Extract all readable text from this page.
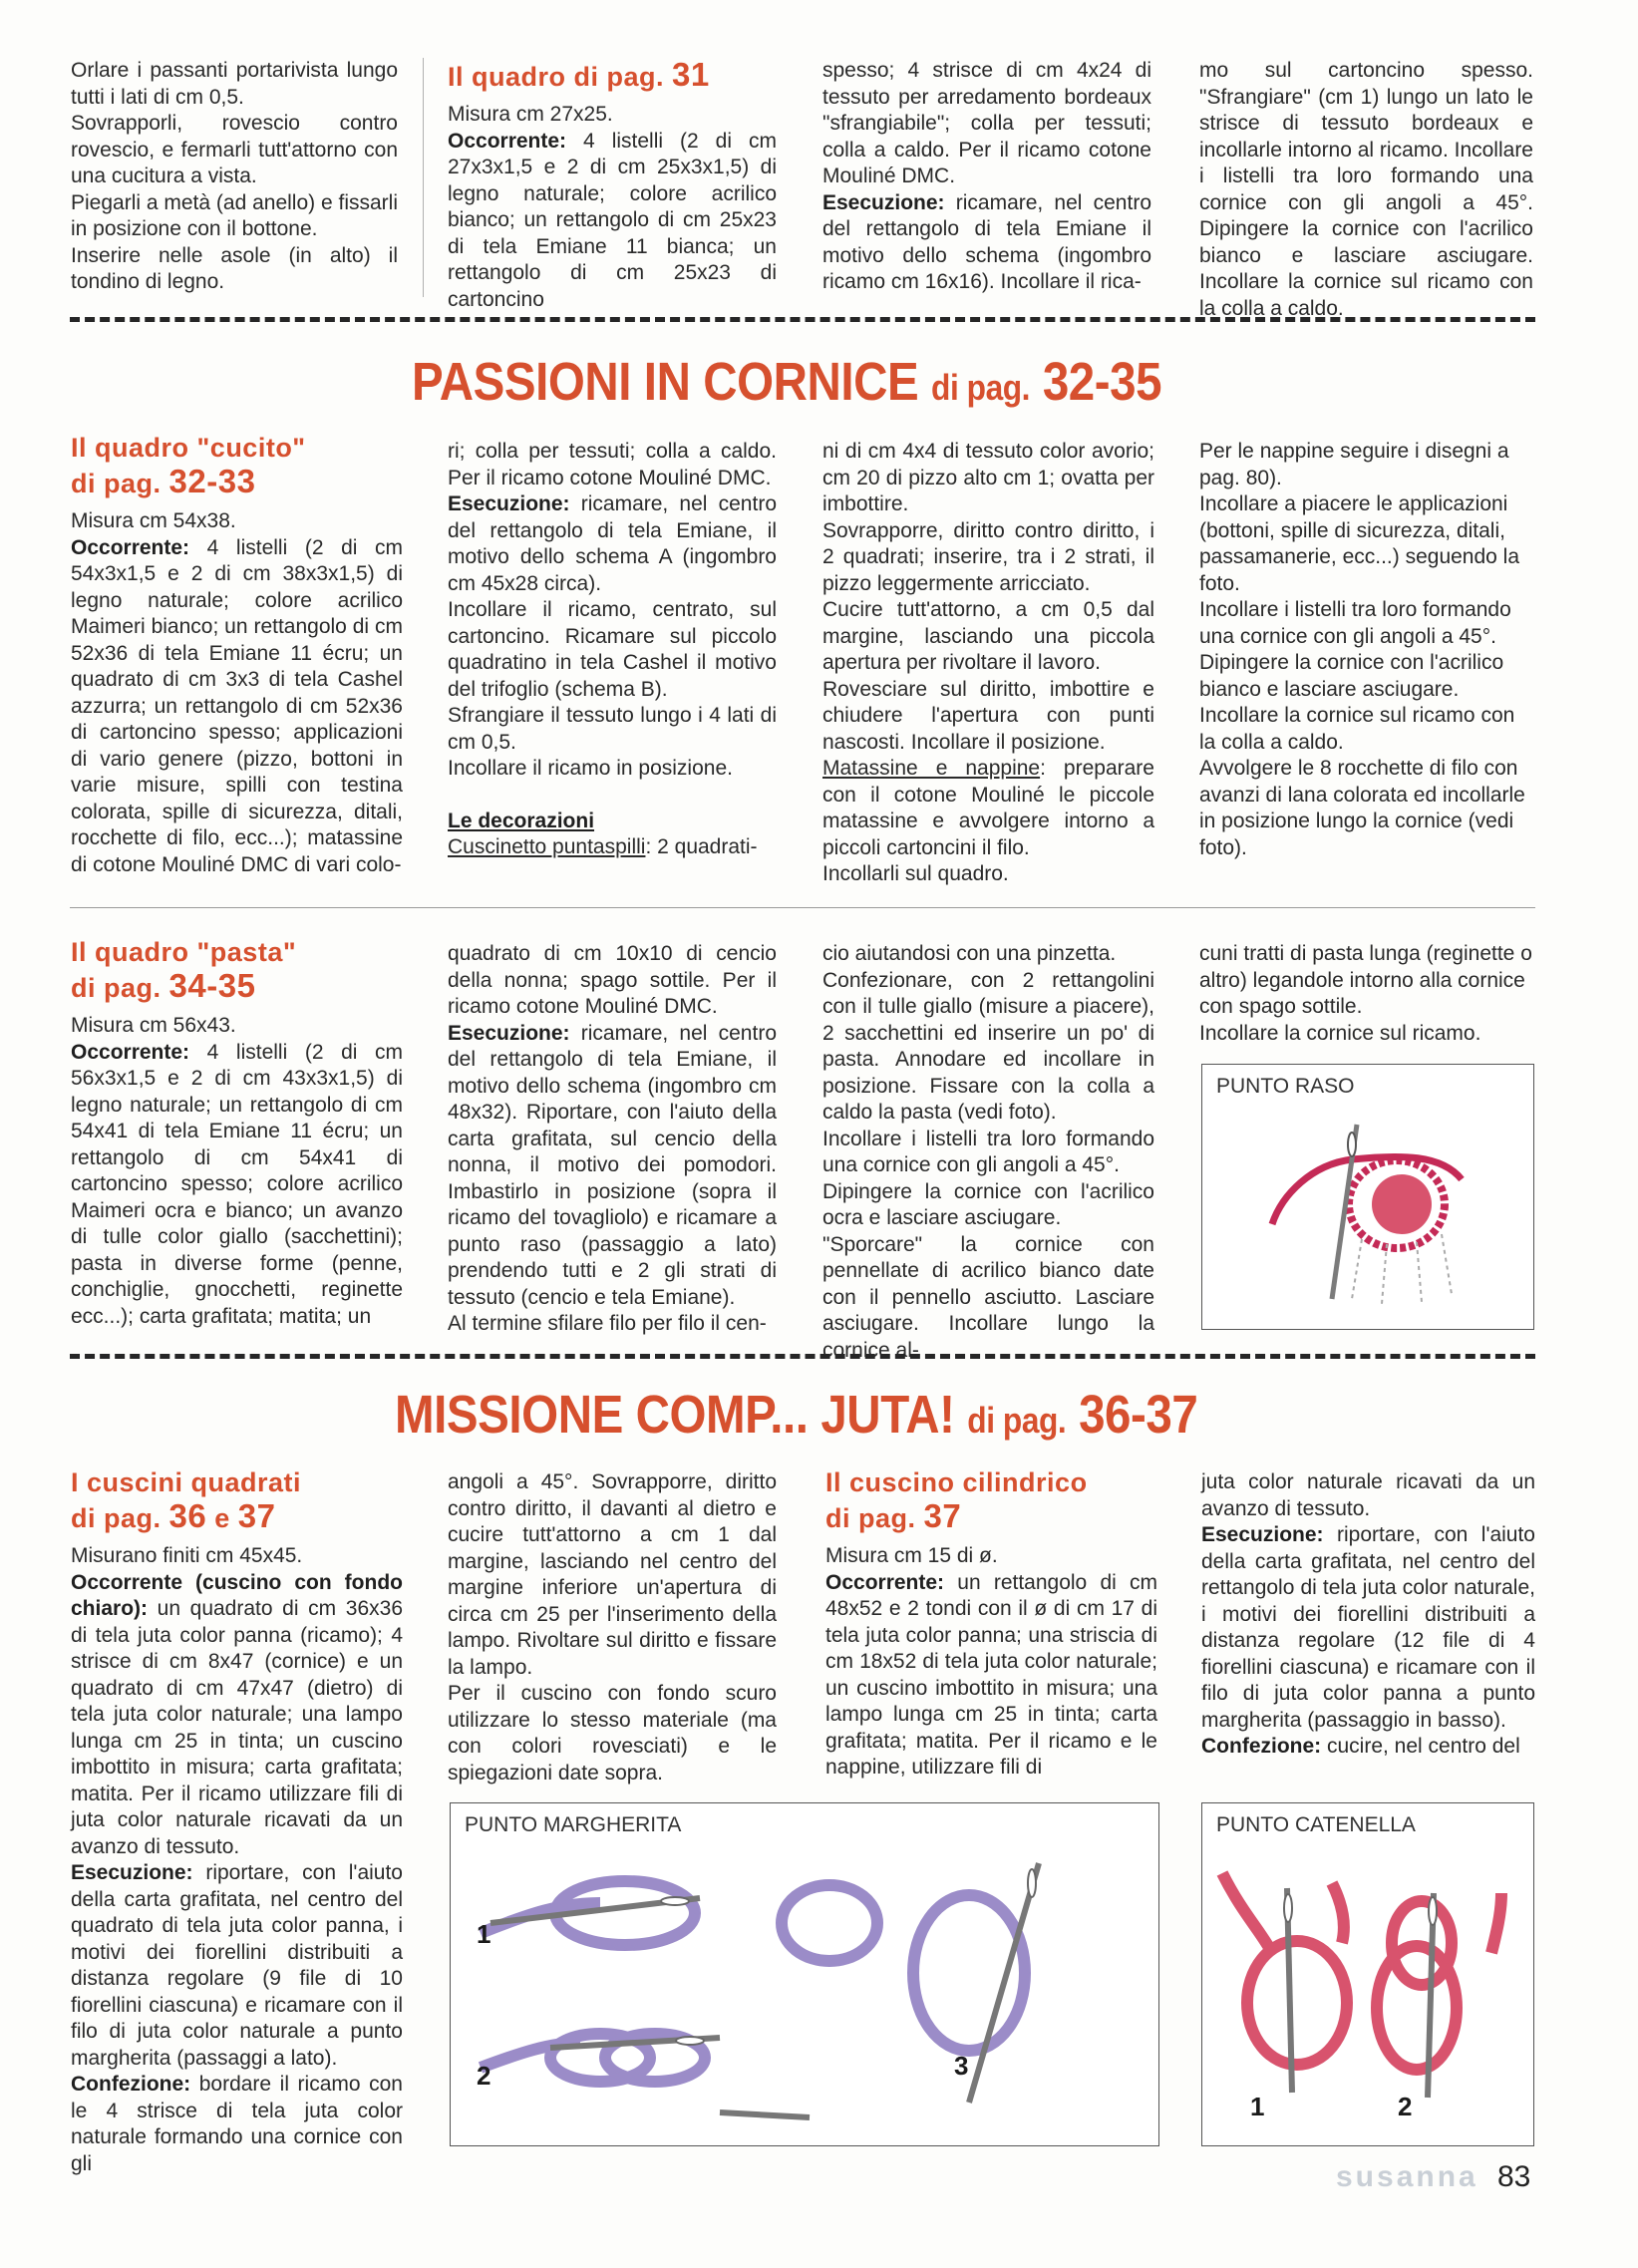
Orlare i passanti portarivista lungo tutti i lati di cm 0,5.

Sovrapporli, rovescio contro rovescio, e fermarli tutt'attorno con una cucitura a vista.

Piegarli a metà (ad anello) e fissarli in posizione con il bottone.

Inserire nelle asole (in alto) il tondino di legno.

Il quadro di pag. 31

Misura cm 27x25.

Occorrente: 4 listelli (2 di cm 27x3x1,5 e 2 di cm 25x3x1,5) di legno naturale; colore acrilico bianco; un rettangolo di cm 25x23 di tela Emiane 11 bianca; un rettangolo di cm 25x23 di cartoncino

spesso; 4 strisce di cm 4x24 di tessuto per arredamento bordeaux "sfrangiabile"; colla per tessuti; colla a caldo. Per il ricamo cotone Mouliné DMC.

Esecuzione: ricamare, nel centro del rettangolo di tela Emiane il motivo dello schema (ingombro ricamo cm 16x16). Incollare il rica-

mo sul cartoncino spesso. "Sfrangiare" (cm 1) lungo un lato le strisce di tessuto bordeaux e incollarle intorno al ricamo. Incollare i listelli tra loro formando una cornice con gli angoli a 45°. Dipingere la cornice con l'acrilico bianco e lasciare asciugare. Incollare la cornice sul ricamo con la colla a caldo.

PASSIONI IN CORNICE di pag. 32-35

Il quadro "cucito"
di pag. 32-33

Misura cm 54x38.

Occorrente: 4 listelli (2 di cm 54x3x1,5 e 2 di cm 38x3x1,5) di legno naturale; colore acrilico Maimeri bianco; un rettangolo di cm 52x36 di tela Emiane 11 écru; un quadrato di cm 3x3 di tela Cashel azzurra; un rettangolo di cm 52x36 di cartoncino spesso; applicazioni di vario genere (pizzo, bottoni in varie misure, spilli con testina colorata, spille di sicurezza, ditali, rocchette di filo, ecc...); matassine di cotone Mouliné DMC di vari colo-

ri; colla per tessuti; colla a caldo. Per il ricamo cotone Mouliné DMC.

Esecuzione: ricamare, nel centro del rettangolo di tela Emiane, il motivo dello schema A (ingombro cm 45x28 circa).

Incollare il ricamo, centrato, sul cartoncino. Ricamare sul piccolo quadratino in tela Cashel il motivo del trifoglio (schema B).

Sfrangiare il tessuto lungo i 4 lati di cm 0,5.

Incollare il ricamo in posizione.

Le decorazioni

Cuscinetto puntaspilli: 2 quadrati-

ni di cm 4x4 di tessuto color avorio; cm 20 di pizzo alto cm 1; ovatta per imbottire.

Sovrapporre, diritto contro diritto, i 2 quadrati; inserire, tra i 2 strati, il pizzo leggermente arricciato.

Cucire tutt'attorno, a cm 0,5 dal margine, lasciando una piccola apertura per rivoltare il lavoro.

Rovesciare sul diritto, imbottire e chiudere l'apertura con punti nascosti. Incollare il posizione.

Matassine e nappine: preparare con il cotone Mouliné le piccole matassine e avvolgere intorno a piccoli cartoncini il filo.

Incollarli sul quadro.

Per le nappine seguire i disegni a pag. 80).

Incollare a piacere le applicazioni (bottoni, spille di sicurezza, ditali, passamanerie, ecc...) seguendo la foto.

Incollare i listelli tra loro formando una cornice con gli angoli a 45°.

Dipingere la cornice con l'acrilico bianco e lasciare asciugare.

Incollare la cornice sul ricamo con la colla a caldo.

Avvolgere le 8 rocchette di filo con avanzi di lana colorata ed incollarle in posizione lungo la cornice (vedi foto).

Il quadro "pasta"
di pag. 34-35

Misura cm 56x43.

Occorrente: 4 listelli (2 di cm 56x3x1,5 e 2 di cm 43x3x1,5) di legno naturale; un rettangolo di cm 54x41 di tela Emiane 11 écru; un rettangolo di cm 54x41 di cartoncino spesso; colore acrilico Maimeri ocra e bianco; un avanzo di tulle color giallo (sacchettini); pasta in diverse forme (penne, conchiglie, gnocchetti, reginette ecc...); carta grafitata; matita; un

quadrato di cm 10x10 di cencio della nonna; spago sottile. Per il ricamo cotone Mouliné DMC.

Esecuzione: ricamare, nel centro del rettangolo di tela Emiane, il motivo dello schema (ingombro cm 48x32). Riportare, con l'aiuto della carta grafitata, sul cencio della nonna, il motivo dei pomodori. Imbastirlo in posizione (sopra il ricamo del tovagliolo) e ricamare a punto raso (passaggio a lato) prendendo tutti e 2 gli strati di tessuto (cencio e tela Emiane).

Al termine sfilare filo per filo il cen-

cio aiutandosi con una pinzetta.

Confezionare, con 2 rettangolini con il tulle giallo (misure a piacere), 2 sacchettini ed inserire un po' di pasta. Annodare ed incollare in posizione. Fissare con la colla a caldo la pasta (vedi foto).

Incollare i listelli tra loro formando una cornice con gli angoli a 45°.

Dipingere la cornice con l'acrilico ocra e lasciare asciugare.

"Sporcare" la cornice con pennellate di acrilico bianco date con il pennello asciutto. Lasciare asciugare. Incollare lungo la cornice al-

cuni tratti di pasta lunga (reginette o altro) legandole intorno alla cornice con spago sottile.

Incollare la cornice sul ricamo.

PUNTO RASO
MISSIONE COMP... JUTA! di pag. 36-37

I cuscini quadrati
di pag. 36 e 37

Misurano finiti cm 45x45.

Occorrente (cuscino con fondo chiaro): un quadrato di cm 36x36 di tela juta color panna (ricamo); 4 strisce di cm 8x47 (cornice) e un quadrato di cm 47x47 (dietro) di tela juta color naturale; una lampo lunga cm 25 in tinta; un cuscino imbottito in misura; carta grafitata; matita. Per il ricamo utilizzare fili di juta color naturale ricavati da un avanzo di tessuto.

Esecuzione: riportare, con l'aiuto della carta grafitata, nel centro del quadrato di tela juta color panna, i motivi dei fiorellini distribuiti a distanza regolare (9 file di 10 fiorellini ciascuna) e ricamare con il filo di juta color naturale a punto margherita (passaggi a lato).

Confezione: bordare il ricamo con le 4 strisce di tela juta color naturale formando una cornice con gli

angoli a 45°. Sovrapporre, diritto contro diritto, il davanti al dietro e cucire tutt'attorno a cm 1 dal margine, lasciando nel centro del margine inferiore un'apertura di circa cm 25 per l'inserimento della lampo. Rivoltare sul diritto e fissare la lampo.

Per il cuscino con fondo scuro utilizzare lo stesso materiale (ma con colori rovesciati) e le spiegazioni date sopra.

Il cuscino cilindrico
di pag. 37

Misura cm 15 di ø.

Occorrente: un rettangolo di cm 48x52 e 2 tondi con il ø di cm 17 di tela juta color panna; una striscia di cm 18x52 di tela juta color naturale; un cuscino imbottito in misura; una lampo lunga cm 25 in tinta; carta grafitata; matita. Per il ricamo e le nappine, utilizzare fili di

juta color naturale ricavati da un avanzo di tessuto.

Esecuzione: riportare, con l'aiuto della carta grafitata, nel centro del rettangolo di tela juta color naturale, i motivi dei fiorellini distribuiti a distanza regolare (12 file di 4 fiorellini ciascuna) e ricamare con il filo di juta color panna a punto margherita (passaggio in basso).

Confezione: cucire, nel centro del

PUNTO MARGHERITA
1
2	3
PUNTO CATENELLA
1	2
susanna 83
